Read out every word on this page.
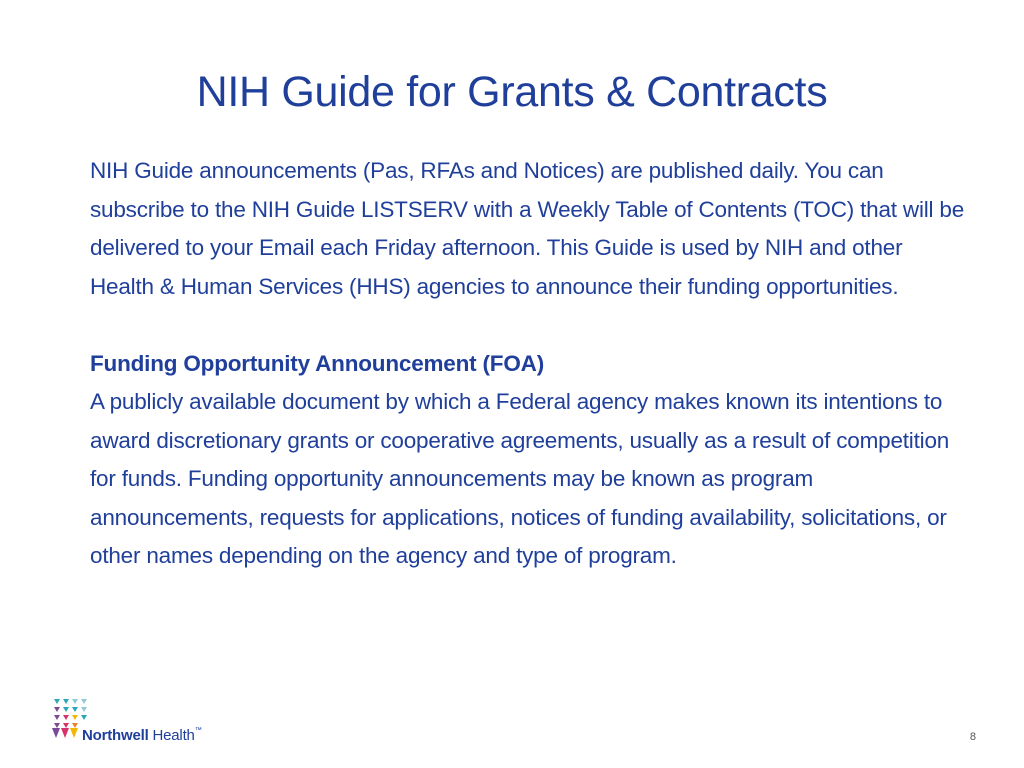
NIH Guide for Grants & Contracts

NIH Guide announcements (Pas, RFAs and Notices) are published daily. You can subscribe to the NIH Guide LISTSERV with a Weekly Table of Contents (TOC) that will be delivered to your Email each Friday afternoon. This Guide is used by NIH and other Health & Human Services (HHS) agencies to announce their funding opportunities.

Funding Opportunity Announcement (FOA)

A publicly available document by which a Federal agency makes known its intentions to award discretionary grants or cooperative agreements, usually as a result of competition for funds. Funding opportunity announcements may be known as program announcements, requests for applications, notices of funding availability, solicitations, or other names depending on the agency and type of program.

Northwell Health™
8
